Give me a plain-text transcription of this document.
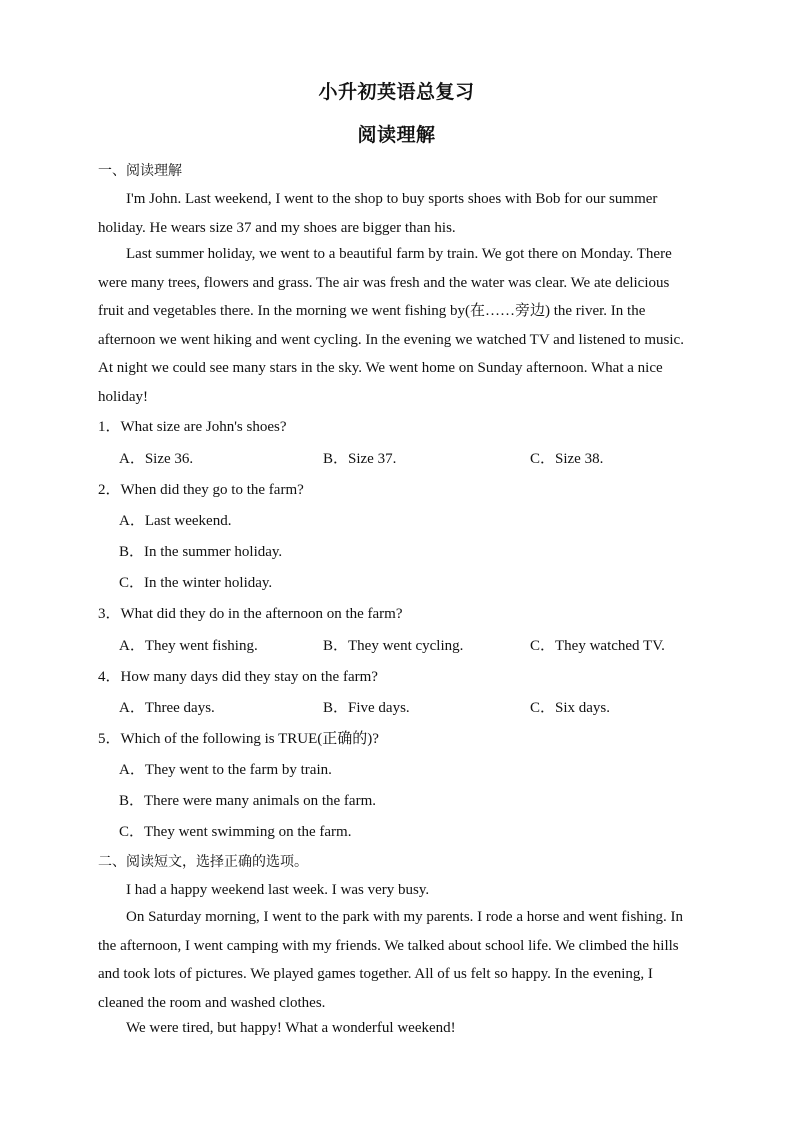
小升初英语总复习
阅读理解
一、阅读理解
I'm John. Last weekend, I went to the shop to buy sports shoes with Bob for our summer holiday. He wears size 37 and my shoes are bigger than his.
Last summer holiday, we went to a beautiful farm by train. We got there on Monday. There were many trees, flowers and grass. The air was fresh and the water was clear. We ate delicious fruit and vegetables there. In the morning we went fishing by(在……旁边) the river. In the afternoon we went hiking and went cycling. In the evening we watched TV and listened to music. At night we could see many stars in the sky. We went home on Sunday afternoon. What a nice holiday!
1．What size are John's shoes?
A．Size 36.	B．Size 37.	C．Size 38.
2．When did they go to the farm?
A．Last weekend.
B．In the summer holiday.
C．In the winter holiday.
3．What did they do in the afternoon on the farm?
A．They went fishing.	B．They went cycling.	C．They watched TV.
4．How many days did they stay on the farm?
A．Three days.	B．Five days.	C．Six days.
5．Which of the following is TRUE(正确的)?
A．They went to the farm by train.
B．There were many animals on the farm.
C．They went swimming on the farm.
二、阅读短文，选择正确的选项。
I had a happy weekend last week. I was very busy.
On Saturday morning, I went to the park with my parents. I rode a horse and went fishing. In the afternoon, I went camping with my friends. We talked about school life. We climbed the hills and took lots of pictures. We played games together. All of us felt so happy. In the evening, I cleaned the room and washed clothes.
We were tired, but happy! What a wonderful weekend!
